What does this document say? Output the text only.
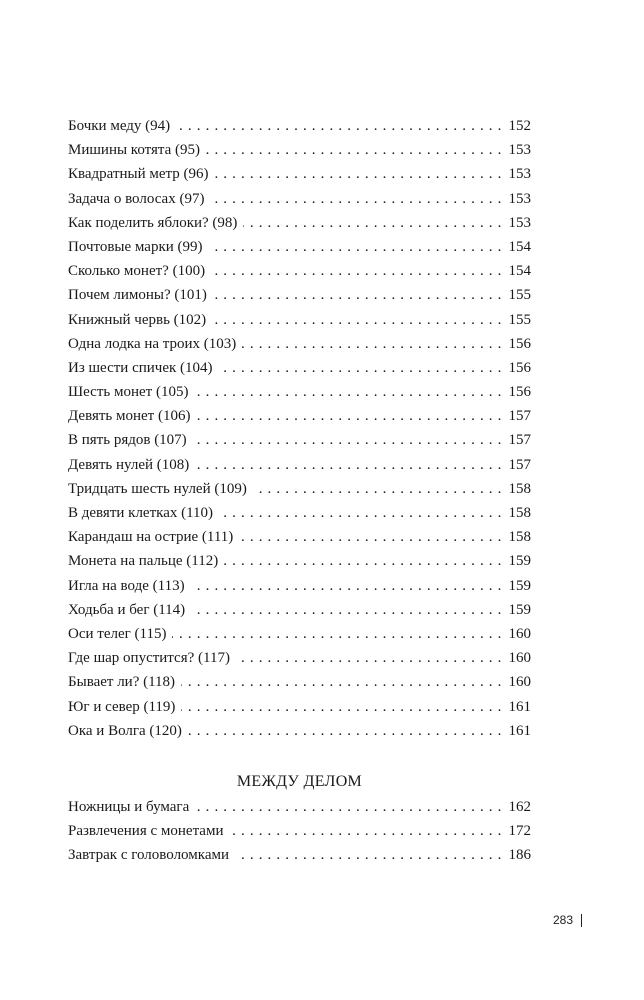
Бочки меду (94) .....	152
Мишины котята (95) .....	153
Квадратный метр (96) .....	153
Задача о волосах (97) .....	153
Как поделить яблоки? (98) .....	153
Почтовые марки (99) .....	154
Сколько монет? (100) .....	154
Почем лимоны? (101) .....	155
Книжный червь (102) .....	155
Одна лодка на троих (103) .....	156
Из шести спичек (104) .....	156
Шесть монет (105) .....	156
Девять монет (106) .....	157
В пять рядов (107) .....	157
Девять нулей (108) .....	157
Тридцать шесть нулей (109) .....	158
В девяти клетках (110) .....	158
Карандаш на острие (111) .....	158
Монета на пальце (112) .....	159
Игла на воде (113) .....	159
Ходьба и бег (114) .....	159
Оси телег (115) .....	160
Где шар опустится? (117) .....	160
Бывает ли? (118) .....	160
Юг и север (119) .....	161
Ока и Волга (120) .....	161
МЕЖДУ ДЕЛОМ
Ножницы и бумага .....	162
Развлечения с монетами .....	172
Завтрак с головоломками .....	186
283
